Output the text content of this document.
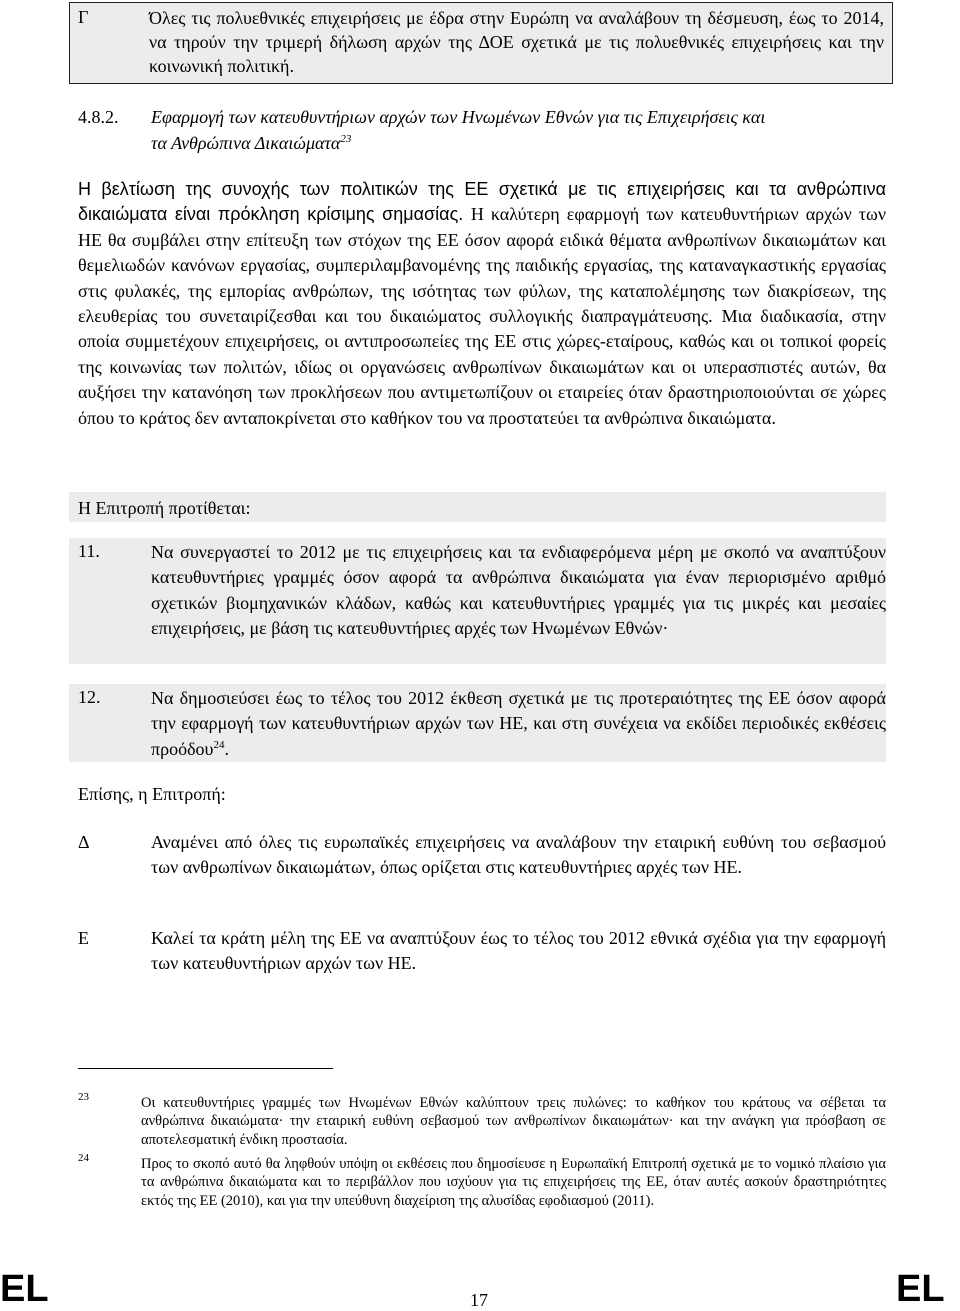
Γ	Όλες τις πολυεθνικές επιχειρήσεις με έδρα στην Ευρώπη να αναλάβουν τη δέσμευση, έως το 2014, να τηρούν την τριμερή δήλωση αρχών της ΔΟΕ σχετικά με τις πολυεθνικές επιχειρήσεις και την κοινωνική πολιτική.
4.8.2. Εφαρμογή των κατευθυντήριων αρχών των Ηνωμένων Εθνών για τις Επιχειρήσεις και
τα Ανθρώπινα Δικαιώματα$^{23}$
Η βελτίωση της συνοχής των πολιτικών της ΕΕ σχετικά με τις επιχειρήσεις και τα ανθρώπινα δικαιώματα είναι πρόκληση κρίσιμης σημασίας. Η καλύτερη εφαρμογή των κατευθυντήριων αρχών των ΗΕ θα συμβάλει στην επίτευξη των στόχων της ΕΕ όσον αφορά ειδικά θέματα ανθρωπίνων δικαιωμάτων και θεμελιωδών κανόνων εργασίας, συμπεριλαμβανομένης της παιδικής εργασίας, της καταναγκαστικής εργασίας στις φυλακές, της εμπορίας ανθρώπων, της ισότητας των φύλων, της καταπολέμησης των διακρίσεων, της ελευθερίας του συνεταιρίζεσθαι και του δικαιώματος συλλογικής διαπραγμάτευσης. Μια διαδικασία, στην οποία συμμετέχουν επιχειρήσεις, οι αντιπροσωπείες της ΕΕ στις χώρες-εταίρους, καθώς και οι τοπικοί φορείς της κοινωνίας των πολιτών, ιδίως οι οργανώσεις ανθρωπίνων δικαιωμάτων και οι υπερασπιστές αυτών, θα αυξήσει την κατανόηση των προκλήσεων που αντιμετωπίζουν οι εταιρείες όταν δραστηριοποιούνται σε χώρες όπου το κράτος δεν ανταποκρίνεται στο καθήκον του να προστατεύει τα ανθρώπινα δικαιώματα.
Η Επιτροπή προτίθεται:
11.	Να συνεργαστεί το 2012 με τις επιχειρήσεις και τα ενδιαφερόμενα μέρη με σκοπό να αναπτύξουν κατευθυντήριες γραμμές όσον αφορά τα ανθρώπινα δικαιώματα για έναν περιορισμένο αριθμό σχετικών βιομηχανικών κλάδων, καθώς και κατευθυντήριες γραμμές για τις μικρές και μεσαίες επιχειρήσεις, με βάση τις κατευθυντήριες αρχές των Ηνωμένων Εθνών·
12.	Να δημοσιεύσει έως το τέλος του 2012 έκθεση σχετικά με τις προτεραιότητες της ΕΕ όσον αφορά την εφαρμογή των κατευθυντήριων αρχών των ΗΕ, και στη συνέχεια να εκδίδει περιοδικές εκθέσεις προόδου$^{24}$.
Επίσης, η Επιτροπή:
Δ	Αναμένει από όλες τις ευρωπαϊκές επιχειρήσεις να αναλάβουν την εταιρική ευθύνη του σεβασμού των ανθρωπίνων δικαιωμάτων, όπως ορίζεται στις κατευθυντήριες αρχές των ΗΕ.
Ε	Καλεί τα κράτη μέλη της ΕΕ να αναπτύξουν έως το τέλος του 2012 εθνικά σχέδια για την εφαρμογή των κατευθυντήριων αρχών των ΗΕ.
23	Οι κατευθυντήριες γραμμές των Ηνωμένων Εθνών καλύπτουν τρεις πυλώνες: το καθήκον του κράτους να σέβεται τα ανθρώπινα δικαιώματα· την εταιρική ευθύνη σεβασμού των ανθρωπίνων δικαιωμάτων· και την ανάγκη για πρόσβαση σε αποτελεσματική ένδικη προστασία.
24	Προς το σκοπό αυτό θα ληφθούν υπόψη οι εκθέσεις που δημοσίευσε η Ευρωπαϊκή Επιτροπή σχετικά με το νομικό πλαίσιο για τα ανθρώπινα δικαιώματα και το περιβάλλον που ισχύουν για τις επιχειρήσεις της ΕΕ, όταν αυτές ασκούν δραστηριότητες εκτός της ΕΕ (2010), και για την υπεύθυνη διαχείριση της αλυσίδας εφοδιασμού (2011).
EL	17	EL
